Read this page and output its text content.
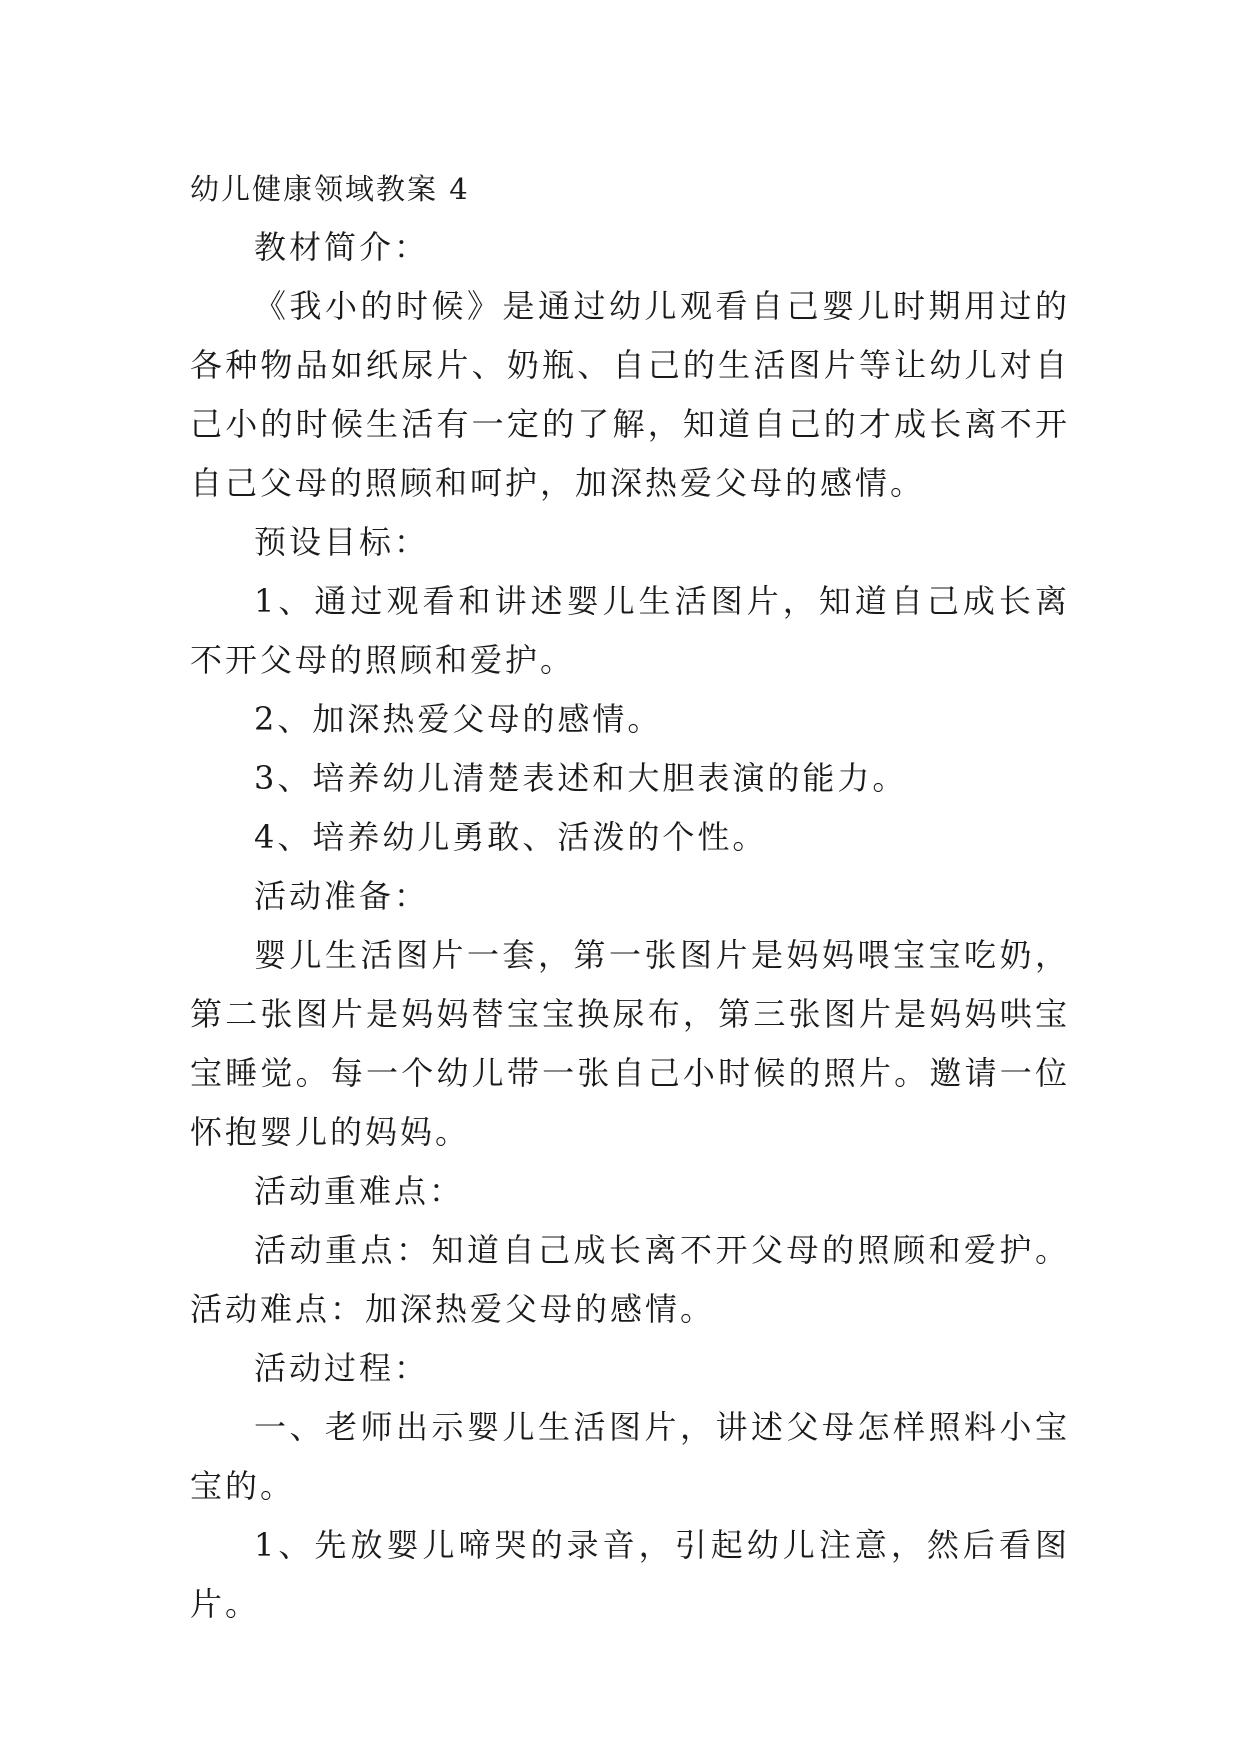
幼儿健康领域教案 4

教材简介：

《我小的时候》是通过幼儿观看自己婴儿时期用过的各种物品如纸尿片、奶瓶、自己的生活图片等让幼儿对自己小的时候生活有一定的了解，知道自己的才成长离不开自己父母的照顾和呵护，加深热爱父母的感情。

预设目标：

1、通过观看和讲述婴儿生活图片，知道自己成长离不开父母的照顾和爱护。

2、加深热爱父母的感情。

3、培养幼儿清楚表述和大胆表演的能力。

4、培养幼儿勇敢、活泼的个性。

活动准备：

婴儿生活图片一套，第一张图片是妈妈喂宝宝吃奶，第二张图片是妈妈替宝宝换尿布，第三张图片是妈妈哄宝宝睡觉。每一个幼儿带一张自己小时候的照片。邀请一位怀抱婴儿的妈妈。

活动重难点：

活动重点：知道自己成长离不开父母的照顾和爱护。活动难点：加深热爱父母的感情。

活动过程：

一、老师出示婴儿生活图片，讲述父母怎样照料小宝宝的。

1、先放婴儿啼哭的录音，引起幼儿注意，然后看图片。
